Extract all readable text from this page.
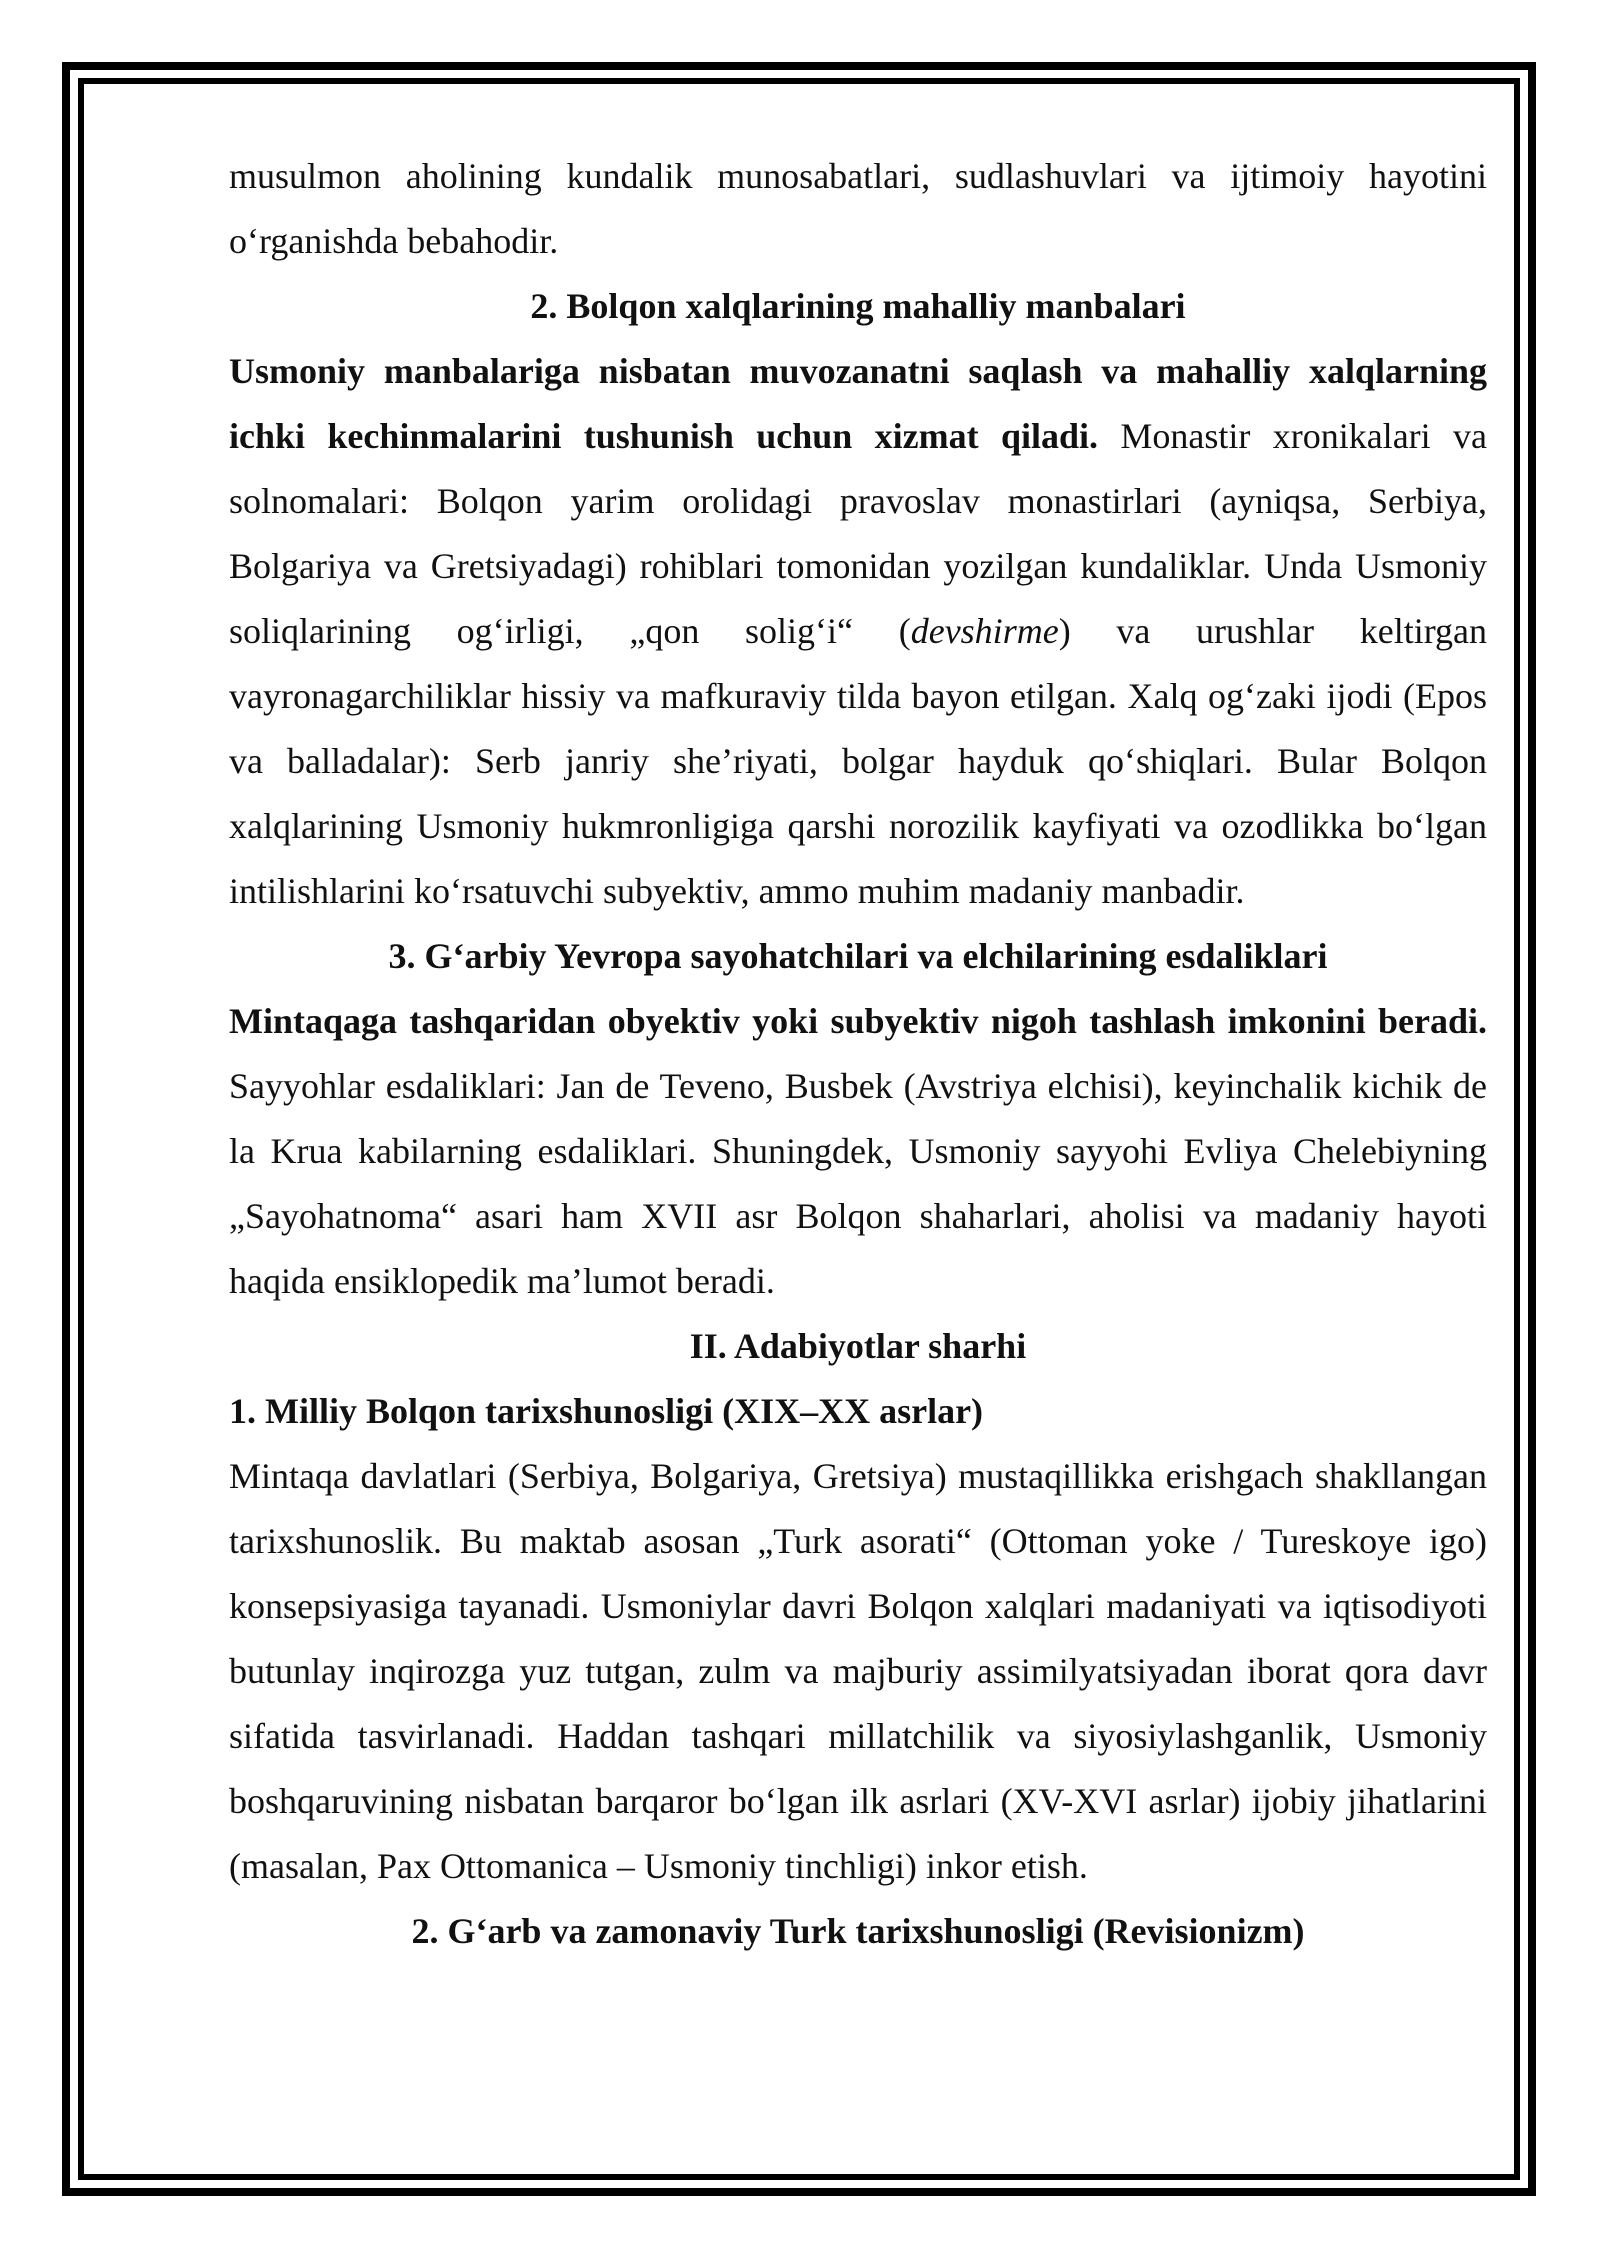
musulmon aholining kundalik munosabatlari, sudlashuvlari va ijtimoiy hayotini o‘rganishda bebahodir.

2. Bolqon xalqlarining mahalliy manbalari

Usmoniy manbalariga nisbatan muvozanatni saqlash va mahalliy xalqlarning ichki kechinmalarini tushunish uchun xizmat qiladi. Monastir xronikalari va solnomalari: Bolqon yarim orolidagi pravoslav monastirlari (ayniqsa, Serbiya, Bolgariya va Gretsiyadagi) rohiblari tomonidan yozilgan kundaliklar. Unda Usmoniy soliqlarining og‘irligi, „qon solig‘i“ (devshirme) va urushlar keltirgan vayronagarchiliklar hissiy va mafkuraviy tilda bayon etilgan. Xalq og‘zaki ijodi (Epos va balladalar): Serb janriy she’riyati, bolgar hayduk qo‘shiqlari. Bular Bolqon xalqlarining Usmoniy hukmronligiga qarshi norozilik kayfiyati va ozodlikka bo‘lgan intilishlarini ko‘rsatuvchi subyektiv, ammo muhim madaniy manbadir.

3. G‘arbiy Yevropa sayohatchilari va elchilarining esdaliklari

Mintaqaga tashqaridan obyektiv yoki subyektiv nigoh tashlash imkonini beradi. Sayyohlar esdaliklari: Jan de Teveno, Busbek (Avstriya elchisi), keyinchalik kichik de la Krua kabilarning esdaliklari. Shuningdek, Usmoniy sayyohi Evliya Chelebiyning „Sayohatnoma“ asari ham XVII asr Bolqon shaharlari, aholisi va madaniy hayoti haqida ensiklopedik ma’lumot beradi.

II. Adabiyotlar sharhi
1. Milliy Bolqon tarixshunosligi (XIX–XX asrlar)

Mintaqa davlatlari (Serbiya, Bolgariya, Gretsiya) mustaqillikka erishgach shakllangan tarixshunoslik. Bu maktab asosan „Turk asorati“ (Ottoman yoke / Tureskoye igo) konsepsiyasiga tayanadi. Usmoniylar davri Bolqon xalqlari madaniyati va iqtisodiyoti butunlay inqirozga yuz tutgan, zulm va majburiy assimilyatsiyadan iborat qora davr sifatida tasvirlanadi. Haddan tashqari millatchilik va siyosiylashganlik, Usmoniy boshqaruvining nisbatan barqaror bo‘lgan ilk asrlari (XV-XVI asrlar) ijobiy jihatlarini (masalan, Pax Ottomanica – Usmoniy tinchligi) inkor etish.

2. G‘arb va zamonaviy Turk tarixshunosligi (Revisionizm)
